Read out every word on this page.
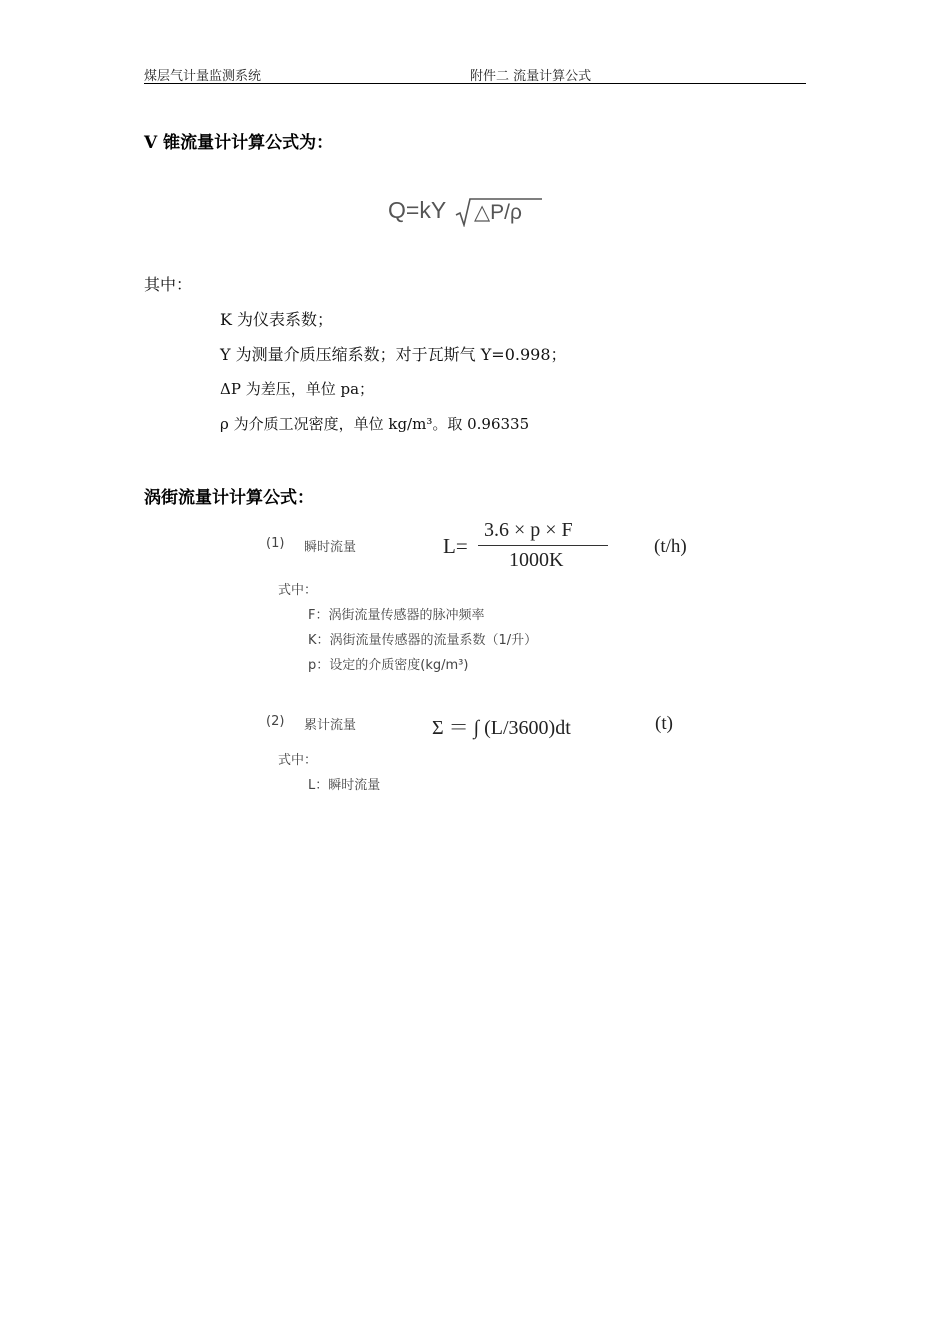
煤层气计量监测系统	附件二 流量计算公式
V 锥流量计计算公式为：
Q=kY △P/ρ
其中：
K 为仪表系数；
Y 为测量介质压缩系数；对于瓦斯气 Y=0.998；
ΔP 为差压，单位 pa；
ρ 为介质工况密度，单位 kg/m³。取 0.96335
涡街流量计计算公式：
(1) 瞬时流量	L=
3.6 × p × F
1000K
(t/h)
式中：
F：涡街流量传感器的脉冲频率
K：涡街流量传感器的流量系数（1/升）
p：设定的介质密度(kg/m³)
(2) 累计流量	Σ ＝ ∫ (L/3600)dt	(t)
式中：
L：瞬时流量
